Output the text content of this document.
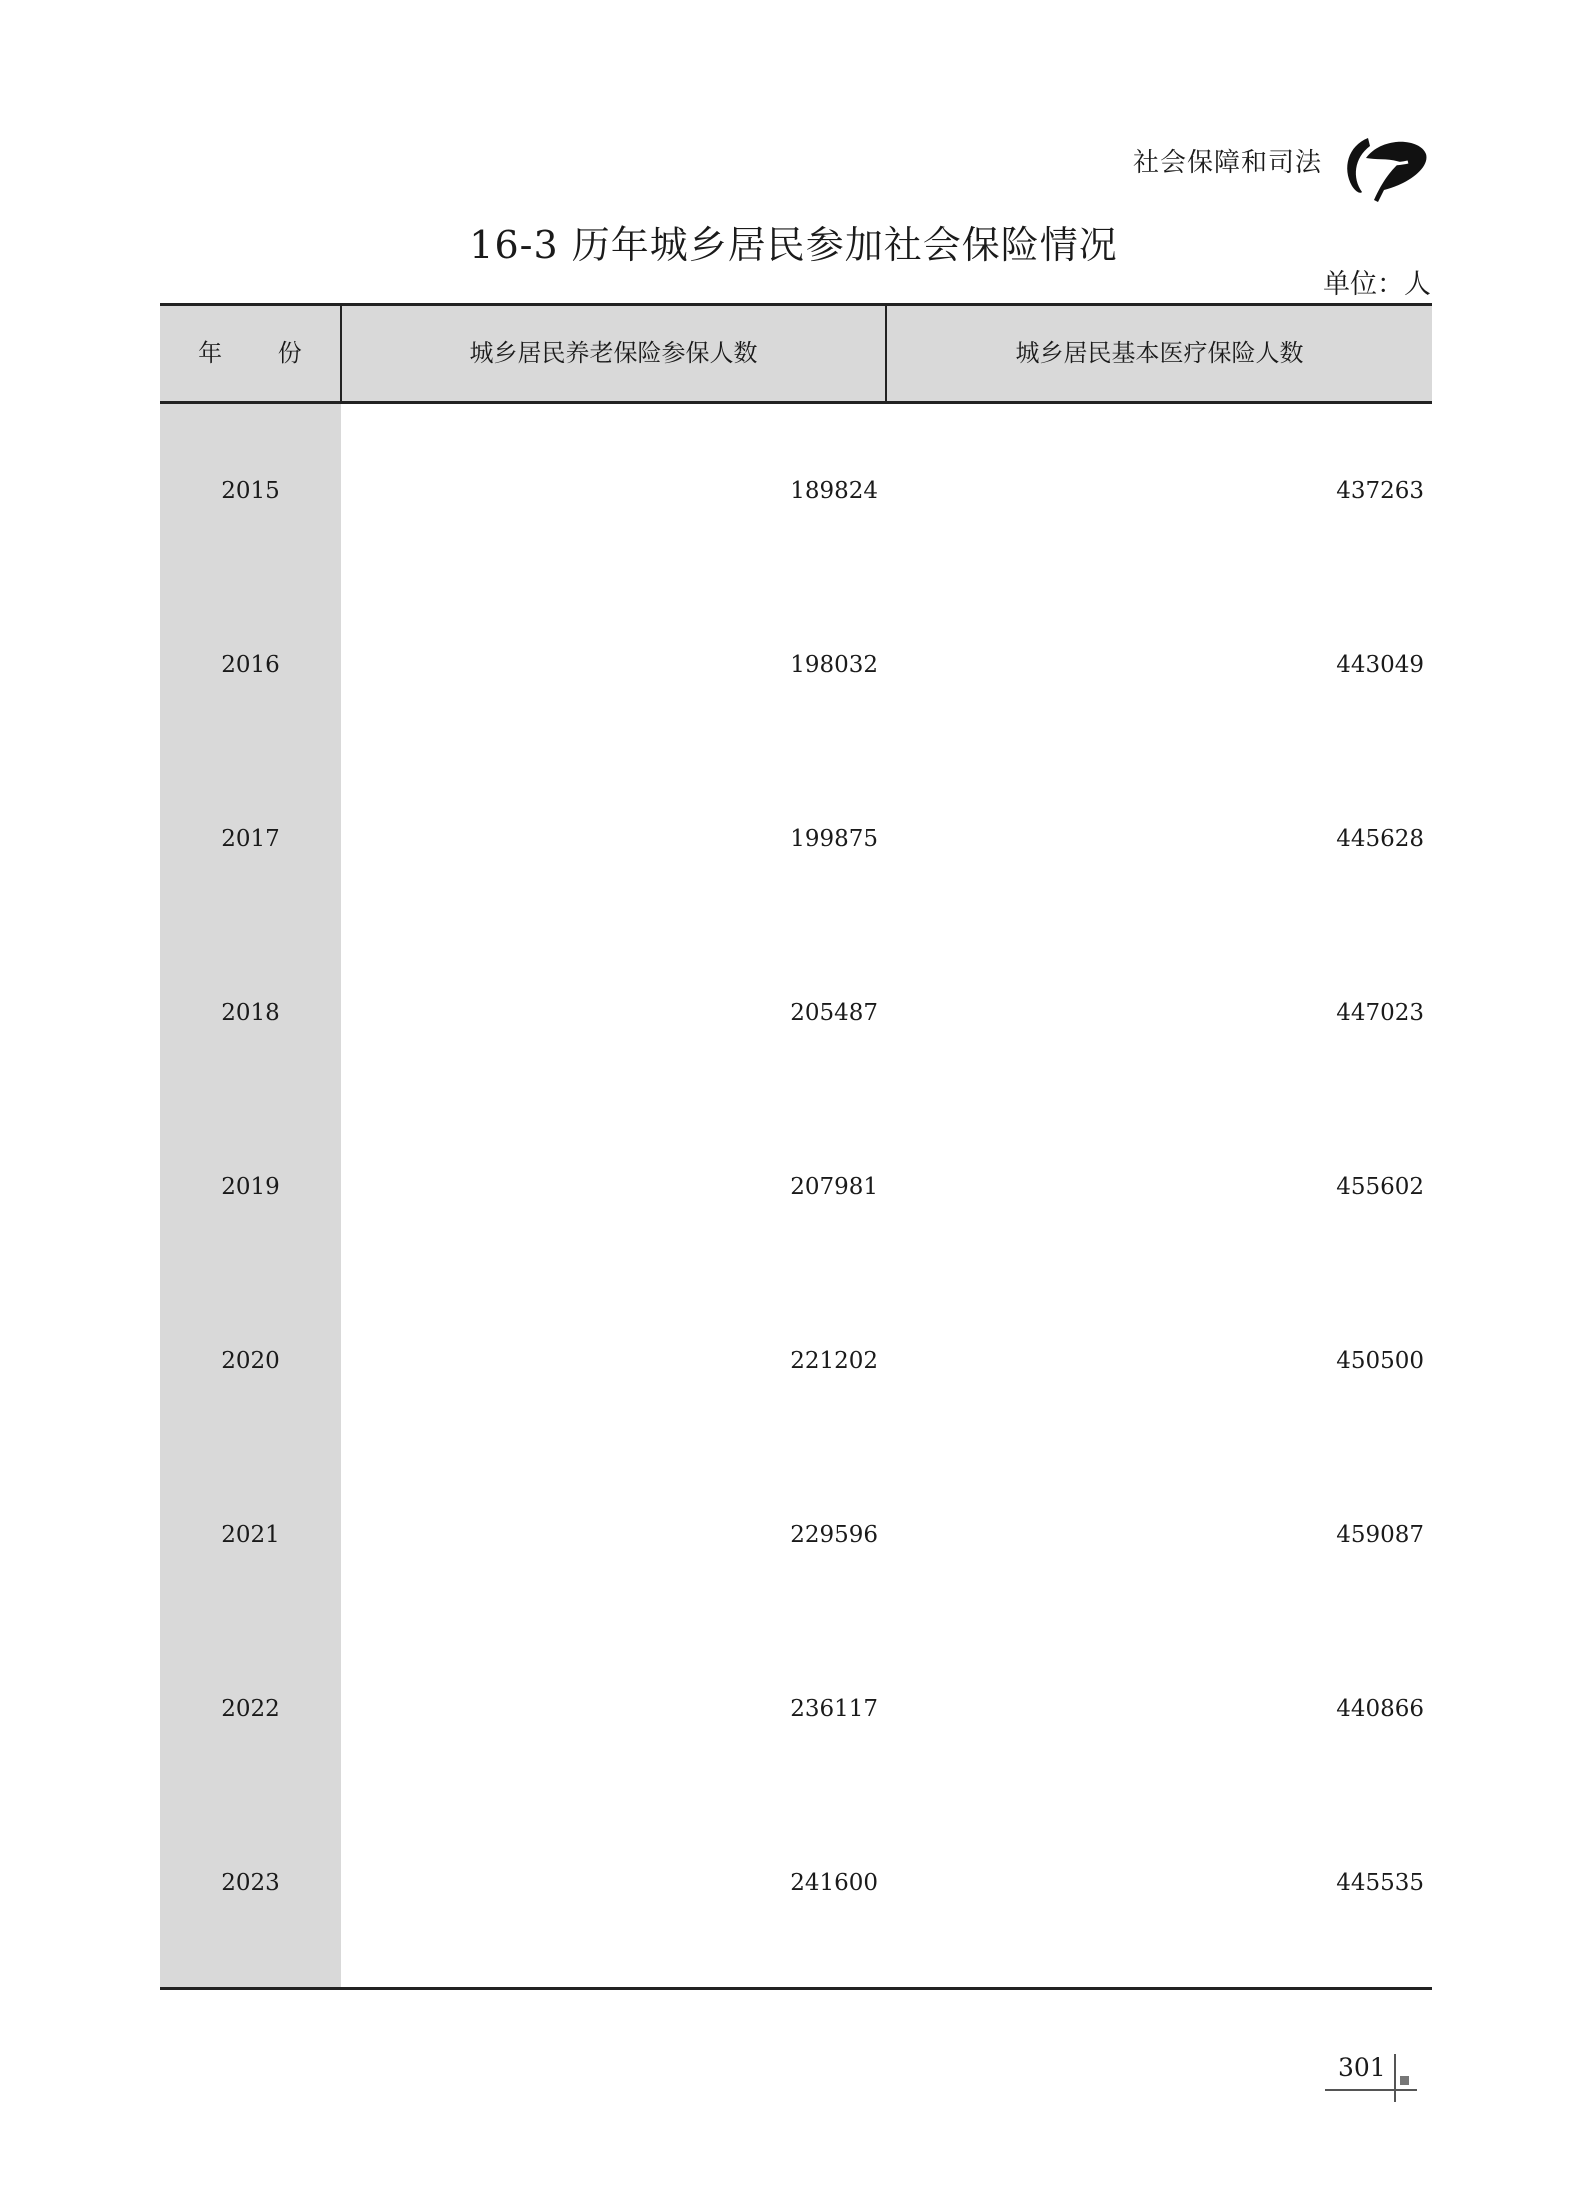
社会保障和司法
16-3 历年城乡居民参加社会保险情况
单位：人
年 份	城乡居民养老保险参保人数	城乡居民基本医疗保险人数
2015	189824	437263
2016	198032	443049
2017	199875	445628
2018	205487	447023
2019	207981	455602
2020	221202	450500
2021	229596	459087
2022	236117	440866
2023	241600	445535
301
